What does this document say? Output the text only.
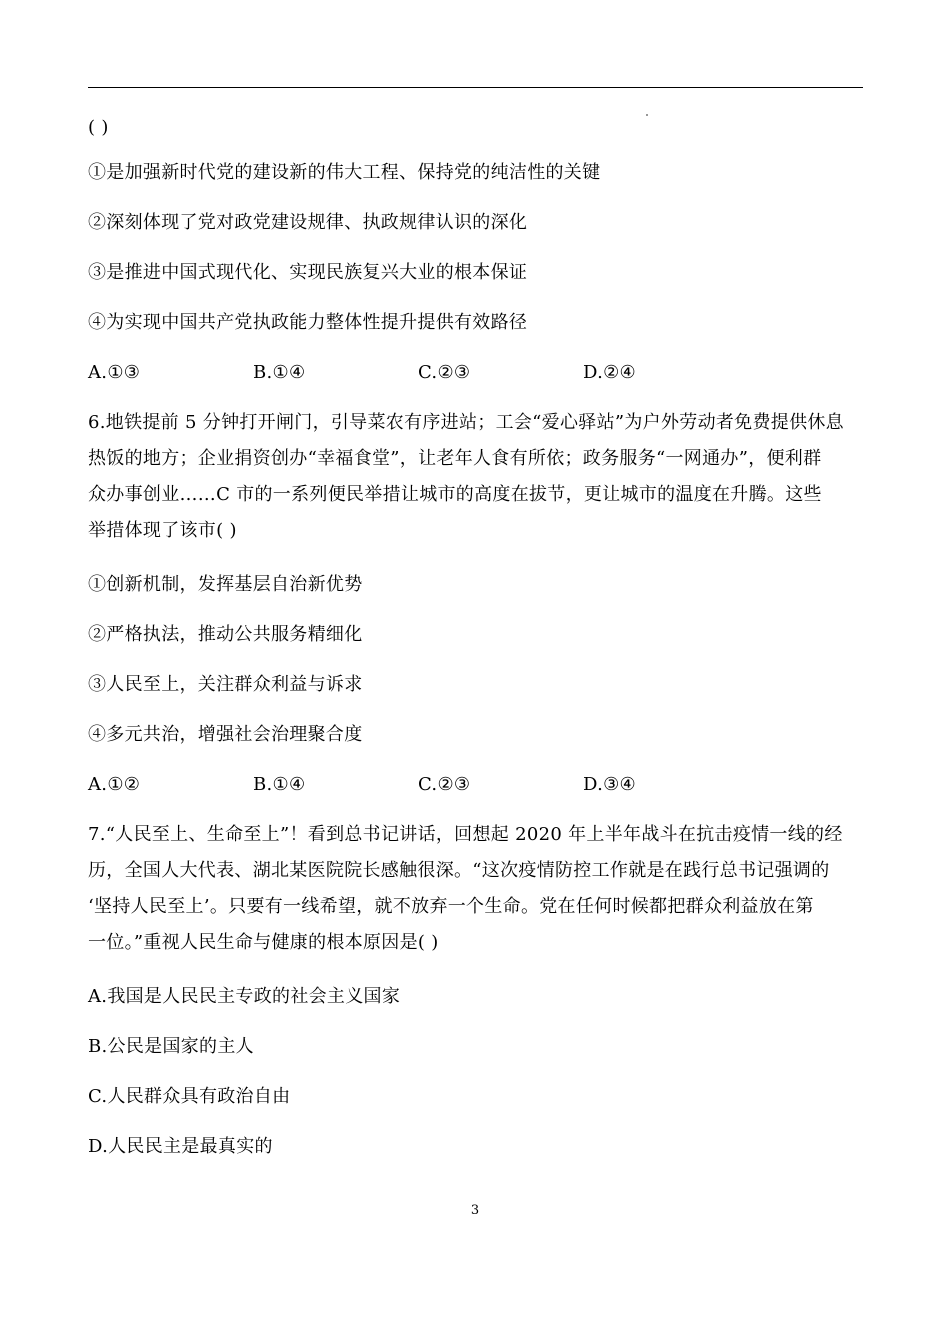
( )
①是加强新时代党的建设新的伟大工程、保持党的纯洁性的关键
②深刻体现了党对政党建设规律、执政规律认识的深化
③是推进中国式现代化、实现民族复兴大业的根本保证
④为实现中国共产党执政能力整体性提升提供有效路径
A.①③	B.①④	C.②③	D.②④
6.地铁提前 5 分钟打开闸门，引导菜农有序进站；工会“爱心驿站”为户外劳动者免费提供休息
热饭的地方；企业捐资创办“幸福食堂”，让老年人食有所依；政务服务“一网通办”，便利群
众办事创业……C 市的一系列便民举措让城市的高度在拔节，更让城市的温度在升腾。这些
举措体现了该市( )
①创新机制，发挥基层自治新优势
②严格执法，推动公共服务精细化
③人民至上，关注群众利益与诉求
④多元共治，增强社会治理聚合度
A.①②	B.①④	C.②③	D.③④
7.“人民至上、生命至上”！看到总书记讲话，回想起 2020 年上半年战斗在抗击疫情一线的经
历，全国人大代表、湖北某医院院长感触很深。“这次疫情防控工作就是在践行总书记强调的
‘坚持人民至上’。只要有一线希望，就不放弃一个生命。党在任何时候都把群众利益放在第
一位。”重视人民生命与健康的根本原因是( )
A.我国是人民民主专政的社会主义国家
B.公民是国家的主人
C.人民群众具有政治自由
D.人民民主是最真实的
3
